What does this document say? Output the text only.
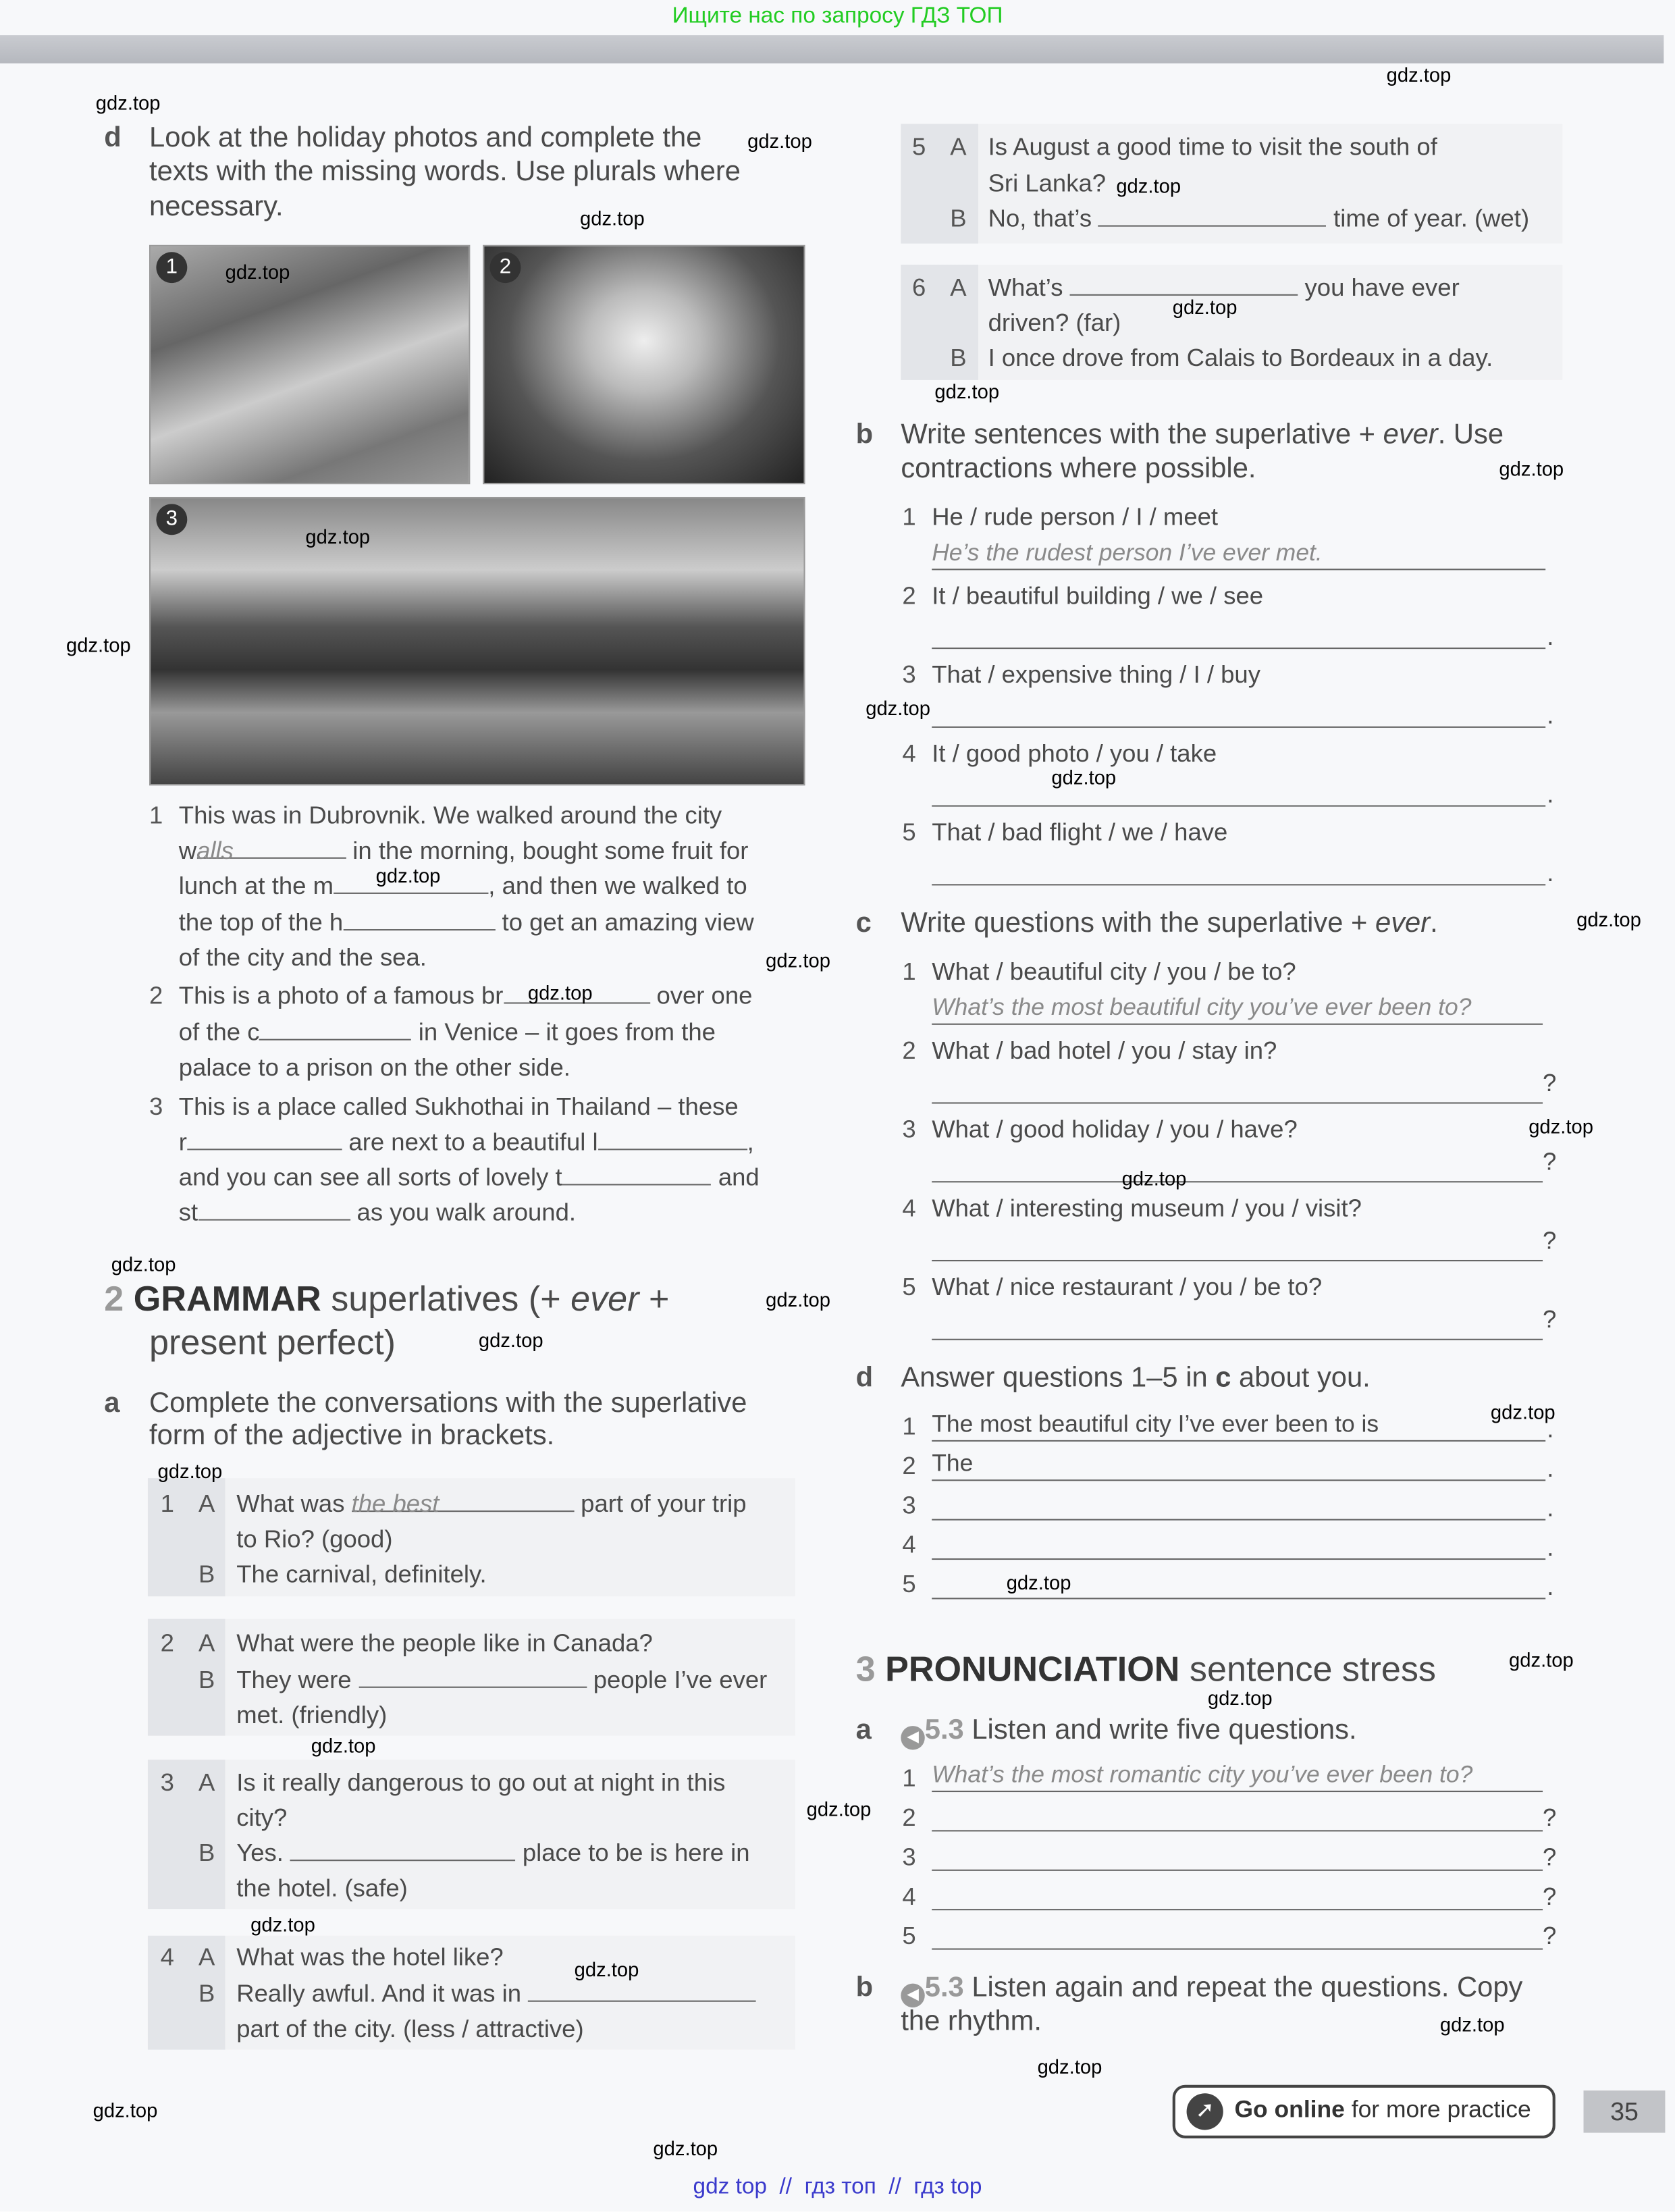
Ищите нас по запросу ГДЗ ТОП
d Look at the holiday photos and complete the
texts with the missing words. Use plurals where
necessary.
1	2
3
1 This was in Dubrovnik. We walked around the city
walls	in the morning, bought some fruit for
lunch at the m	, and then we walked to
the top of the h	to get an amazing view
of the city and the sea.
2 This is a photo of a famous br	over one
of the c	in Venice – it goes from the
palace to a prison on the other side.
3 This is a place called Sukhothai in Thailand – these
r	are next to a beautiful l	,
and you can see all sorts of lovely t	and
st	as you walk around.
2 GRAMMAR superlatives (+ ever +
present perfect)
a Complete the conversations with the superlative
form of the adjective in brackets.
1 A What was the best	part of your trip
to Rio? (good)
B The carnival, definitely.
2 A What were the people like in Canada?
B They were	people I’ve ever
met. (friendly)
3 A Is it really dangerous to go out at night in this
city?
B Yes.	place to be is here in
the hotel. (safe)
4 A What was the hotel like?
B Really awful. And it was in
part of the city. (less / attractive)
5 A Is August a good time to visit the south of
Sri Lanka?
B No, that’s	time of year. (wet)
6 A What’s	you have ever
driven? (far)
B I once drove from Calais to Bordeaux in a day.
b Write sentences with the superlative + ever. Use
contractions where possible.
c Write questions with the superlative + ever.
d Answer questions 1–5 in c about you.
3 PRONUNCIATION sentence stress
a	◀ 5.3 Listen and write five questions.
b	◀ 5.3 Listen again and repeat the questions. Copy
the rhythm.
➚	Go online for more practice	35
gdz top  //  гдз топ  //  гдз top
1 He / rude person / I / meet
He’s the rudest person I’ve ever met.
2 It / beautiful building / we / see
.
3 That / expensive thing / I / buy
.
4 It / good photo / you / take
.
5 That / bad flight / we / have
.
1 What / beautiful city / you / be to?
What’s the most beautiful city you’ve ever been to?
2 What / bad hotel / you / stay in?
?
3 What / good holiday / you / have?
?
4 What / interesting museum / you / visit?
?
5 What / nice restaurant / you / be to?
?
1 The most beautiful city I’ve ever been to is	.
2 The	.
3	.
4	.
5	.
1 What’s the most romantic city you’ve ever been to?
2	?
3	?
4	?
5	?
gdz.top
gdz.top
gdz.top
gdz.top
gdz.top
gdz.top
gdz.top
gdz.top
gdz.top
gdz.top
gdz.top
gdz.top
gdz.top
gdz.top
gdz.top
gdz.top
gdz.top
gdz.top
gdz.top
gdz.top
gdz.top
gdz.top
gdz.top
gdz.top
gdz.top
gdz.top
gdz.top
gdz.top
gdz.top
gdz.top
gdz.top
gdz.top
gdz.top
gdz.top
gdz.top
